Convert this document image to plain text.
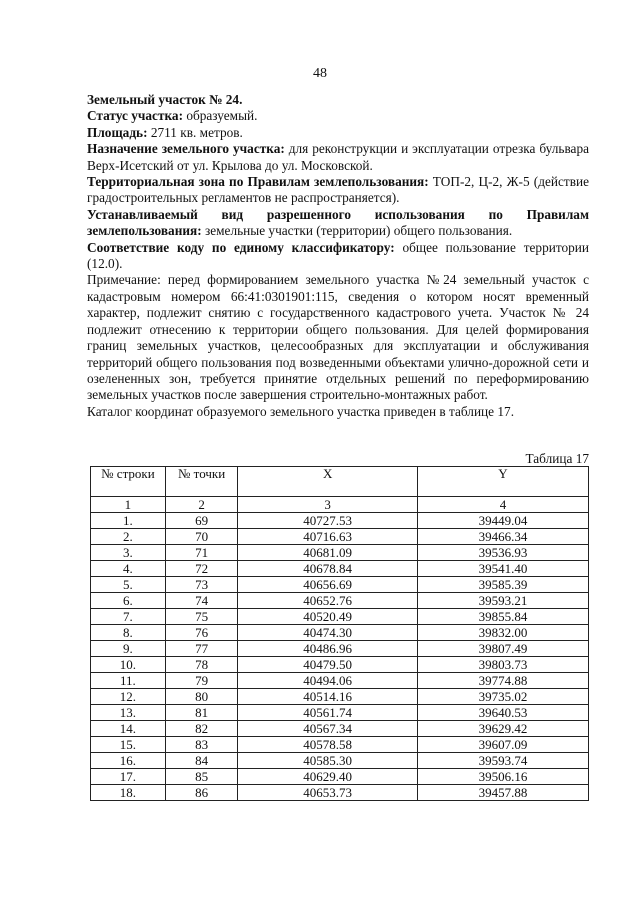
48

Земельный участок № 24.

Статус участка: образуемый.

Площадь: 2711 кв. метров.

Назначение земельного участка: для реконструкции и эксплуатации отрезка бульвара Верх-Исетский от ул. Крылова до ул. Московской.

Территориальная зона по Правилам землепользования: ТОП-2, Ц-2, Ж-5 (действие градостроительных регламентов не распространяется).

Устанавливаемый вид разрешенного использования по Правилам землепользования: земельные участки (территории) общего пользования.

Соответствие коду по единому классификатору: общее пользование территории (12.0).

Примечание: перед формированием земельного участка №24 земельный участок с кадастровым номером 66:41:0301901:115, сведения о котором носят временный характер, подлежит снятию с государственного кадастрового учета. Участок № 24 подлежит отнесению к территории общего пользования. Для целей формирования границ земельных участков, целесообразных для эксплуатации и обслуживания территорий общего пользования под возведенными объектами улично-дорожной сети и озелененных зон, требуется принятие отдельных решений по переформированию земельных участков после завершения строительно-монтажных работ.

Каталог координат образуемого земельного участка приведен в таблице 17.

Таблица 17
№ строки	№ точки	X	Y
1	2	3	4
1.	69	40727.53	39449.04
2.	70	40716.63	39466.34
3.	71	40681.09	39536.93
4.	72	40678.84	39541.40
5.	73	40656.69	39585.39
6.	74	40652.76	39593.21
7.	75	40520.49	39855.84
8.	76	40474.30	39832.00
9.	77	40486.96	39807.49
10.	78	40479.50	39803.73
11.	79	40494.06	39774.88
12.	80	40514.16	39735.02
13.	81	40561.74	39640.53
14.	82	40567.34	39629.42
15.	83	40578.58	39607.09
16.	84	40585.30	39593.74
17.	85	40629.40	39506.16
18.	86	40653.73	39457.88
